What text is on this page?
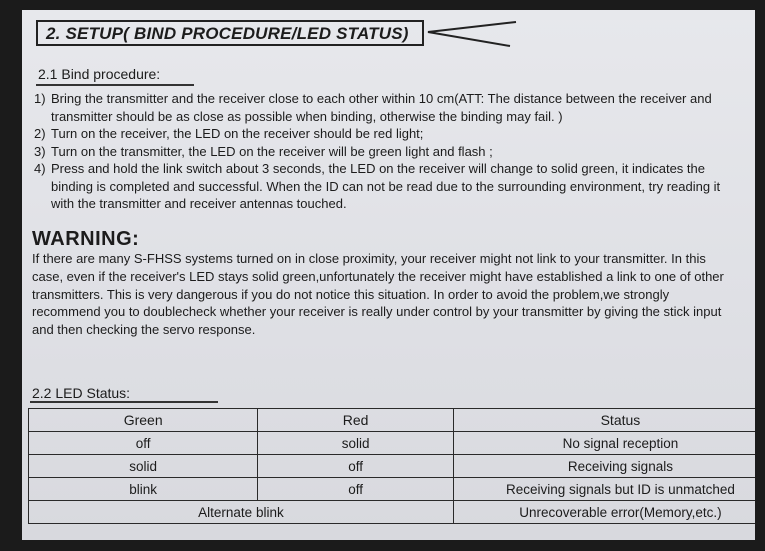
2. SETUP( BIND PROCEDURE/LED STATUS)
2.1 Bind procedure:

1) Bring the transmitter and the receiver close to each other within 10 cm(ATT: The distance between the receiver and transmitter should be as close as possible when binding, otherwise the binding may fail. )

2) Turn on the receiver, the LED on the receiver should be red light;

3) Turn on the transmitter, the LED on the receiver will be green light and flash ;

4) Press and hold the link switch about 3 seconds, the LED on the receiver will change to solid green, it indicates the binding is completed and successful. When the ID can not be read due to the surrounding environment, try reading it with the transmitter and receiver antennas touched.

WARNING:
If there are many S-FHSS systems turned on in close proximity, your receiver might not link to your transmitter. In this case, even if the receiver's LED stays solid green,unfortunately the receiver might have established a link to one of other transmitters. This is very dangerous if you do not notice this situation. In order to avoid the problem,we strongly recommend you to doublecheck whether your receiver is really under control by your transmitter by giving the stick input and then checking the servo response.
2.2 LED Status:
Green	Red	Status
off	solid	No signal reception
solid	off	Receiving signals
blink	off	Receiving signals but ID is unmatched
Alternate blink		Unrecoverable error(Memory,etc.)
